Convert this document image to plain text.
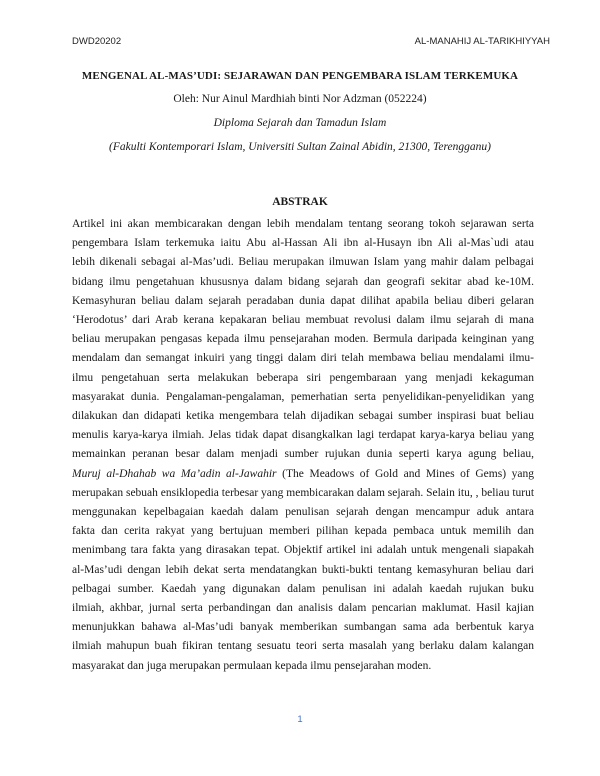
DWD20202	AL-MANAHIJ AL-TARIKHIYYAH
MENGENAL AL-MAS’UDI: SEJARAWAN DAN PENGEMBARA ISLAM TERKEMUKA
Oleh: Nur Ainul Mardhiah binti Nor Adzman (052224)
Diploma Sejarah dan Tamadun Islam
(Fakulti Kontemporari Islam, Universiti Sultan Zainal Abidin, 21300, Terengganu)
ABSTRAK
Artikel ini akan membicarakan dengan lebih mendalam tentang seorang tokoh sejarawan serta
pengembara Islam terkemuka iaitu Abu al-Hassan Ali ibn al-Husayn ibn Ali al-Mas`udi atau
lebih dikenali sebagai al-Mas’udi. Beliau merupakan ilmuwan Islam yang mahir dalam pelbagai
bidang ilmu pengetahuan khususnya dalam bidang sejarah dan geografi sekitar abad ke-10M.
Kemasyhuran beliau dalam sejarah peradaban dunia dapat dilihat apabila beliau diberi gelaran
‘Herodotus’ dari Arab kerana kepakaran beliau membuat revolusi dalam ilmu sejarah di mana
beliau merupakan pengasas kepada ilmu pensejarahan moden. Bermula daripada keinginan yang
mendalam dan semangat inkuiri yang tinggi dalam diri telah membawa beliau mendalami ilmu-
ilmu pengetahuan serta melakukan beberapa siri pengembaraan yang menjadi kekaguman
masyarakat dunia. Pengalaman-pengalaman, pemerhatian serta penyelidikan-penyelidikan yang
dilakukan dan didapati ketika mengembara telah dijadikan sebagai sumber inspirasi buat beliau
menulis karya-karya ilmiah. Jelas tidak dapat disangkalkan lagi terdapat karya-karya beliau yang
memainkan peranan besar dalam menjadi sumber rujukan dunia seperti karya agung beliau,
Muruj al-Dhahab wa Ma’adin al-Jawahir (The Meadows of Gold and Mines of Gems) yang
merupakan sebuah ensiklopedia terbesar yang membicarakan dalam sejarah. Selain itu, , beliau turut
menggunakan kepelbagaian kaedah dalam penulisan sejarah dengan mencampur aduk antara
fakta dan cerita rakyat yang bertujuan memberi pilihan kepada pembaca untuk memilih dan
menimbang tara fakta yang dirasakan tepat. Objektif artikel ini adalah untuk mengenali siapakah
al-Mas’udi dengan lebih dekat serta mendatangkan bukti-bukti tentang kemasyhuran beliau dari
pelbagai sumber. Kaedah yang digunakan dalam penulisan ini adalah kaedah rujukan buku
ilmiah, akhbar, jurnal serta perbandingan dan analisis dalam pencarian maklumat. Hasil kajian
menunjukkan bahawa al-Mas’udi banyak memberikan sumbangan sama ada berbentuk karya
ilmiah mahupun buah fikiran tentang sesuatu teori serta masalah yang berlaku dalam kalangan
masyarakat dan juga merupakan permulaan kepada ilmu pensejarahan moden.
1
